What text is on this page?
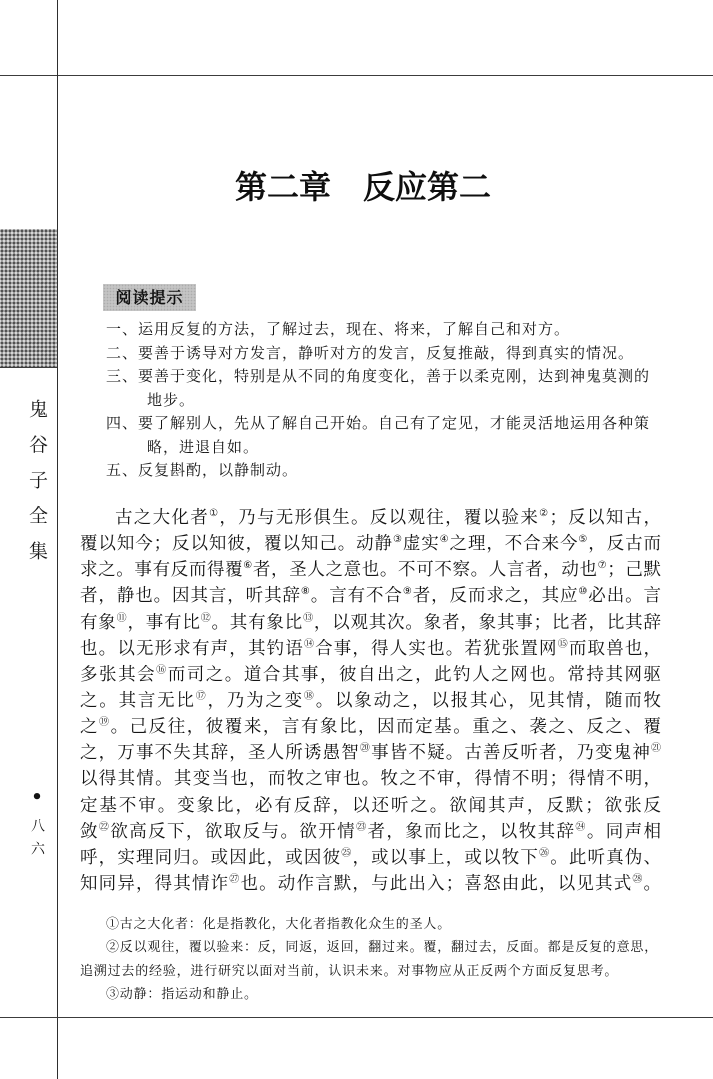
鬼谷子全集
•
八六
第二章　反应第二
阅读提示
一、运用反复的方法，了解过去，现在、将来，了解自己和对方。
二、要善于诱导对方发言，静听对方的发言，反复推敲，得到真实的情况。
三、要善于变化，特别是从不同的角度变化，善于以柔克刚，达到神鬼莫测的
地步。
四、要了解别人，先从了解自己开始。自己有了定见，才能灵活地运用各种策
略，进退自如。
五、反复斟酌，以静制动。
古之大化者①，乃与无形俱生。反以观往，覆以验来②；反以知古，
覆以知今；反以知彼，覆以知己。动静③虚实④之理，不合来今⑤，反古而
求之。事有反而得覆⑥者，圣人之意也。不可不察。人言者，动也⑦；己默
者，静也。因其言，听其辞⑧。言有不合⑨者，反而求之，其应⑩必出。言
有象⑪，事有比⑫。其有象比⑬，以观其次。象者，象其事；比者，比其辞
也。以无形求有声，其钓语⑭合事，得人实也。若犹张置网⑮而取兽也，
多张其会⑯而司之。道合其事，彼自出之，此钓人之网也。常持其网驱
之。其言无比⑰，乃为之变⑱。以象动之，以报其心，见其情，随而牧
之⑲。己反往，彼覆来，言有象比，因而定基。重之、袭之、反之、覆
之，万事不失其辞，圣人所诱愚智⑳事皆不疑。古善反听者，乃变鬼神$^㉑$
以得其情。其变当也，而牧之审也。牧之不审，得情不明；得情不明，
定基不审。变象比，必有反辞，以还听之。欲闻其声，反默；欲张反
敛$^㉒$欲高反下，欲取反与。欲开情$^㉓$者，象而比之，以牧其辞$^㉔$。同声相
呼，实理同归。或因此，或因彼$^㉕$，或以事上，或以牧下$^㉖$。此听真伪、
知同异，得其情诈$^㉗$也。动作言默，与此出入；喜怒由此，以见其式$^㉘$。
①古之大化者：化是指教化，大化者指教化众生的圣人。
②反以观往，覆以验来：反，同返，返回，翻过来。覆，翻过去，反面。都是反复的意思，
追溯过去的经验，进行研究以面对当前，认识未来。对事物应从正反两个方面反复思考。
③动静：指运动和静止。
